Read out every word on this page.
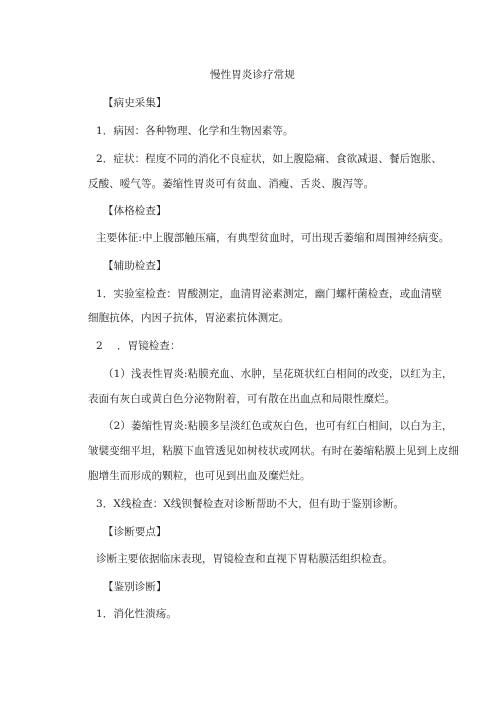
慢性胃炎诊疗常规
【病史采集】
1．病因：各种物理、化学和生物因素等。
2．症状：程度不同的消化不良症状，如上腹隐痛、食欲减退、餐后饱胀、
反酸、嗳气等。萎缩性胃炎可有贫血、消瘦、舌炎、腹泻等。
【体格检查】
主要体征:中上腹部触压痛，有典型贫血时，可出现舌萎缩和周围神经病变。
【辅助检查】
1．实验室检查：胃酸测定，血清胃泌素测定，幽门螺杆菌检查，或血清壁
细胞抗体，内因子抗体，胃泌素抗体测定。
2 ．胃镜检查：
（1）浅表性胃炎:粘膜充血、水肿，呈花斑状红白相间的改变，以红为主，
表面有灰白或黄白色分泌物附着，可有散在出血点和局限性糜烂。
（2）萎缩性胃炎:粘膜多呈淡红色或灰白色，也可有红白相间，以白为主，
皱襞变细平坦，粘膜下血管透见如树枝状或网状。有时在萎缩粘膜上见到上皮细
胞增生而形成的颗粒，也可见到出血及糜烂灶。
3．X线检查：X线钡餐检查对诊断帮助不大，但有助于鉴别诊断。
【诊断要点】
诊断主要依据临床表现，胃镜检查和直视下胃粘膜活组织检查。
【鉴别诊断】
1．消化性溃疡。
